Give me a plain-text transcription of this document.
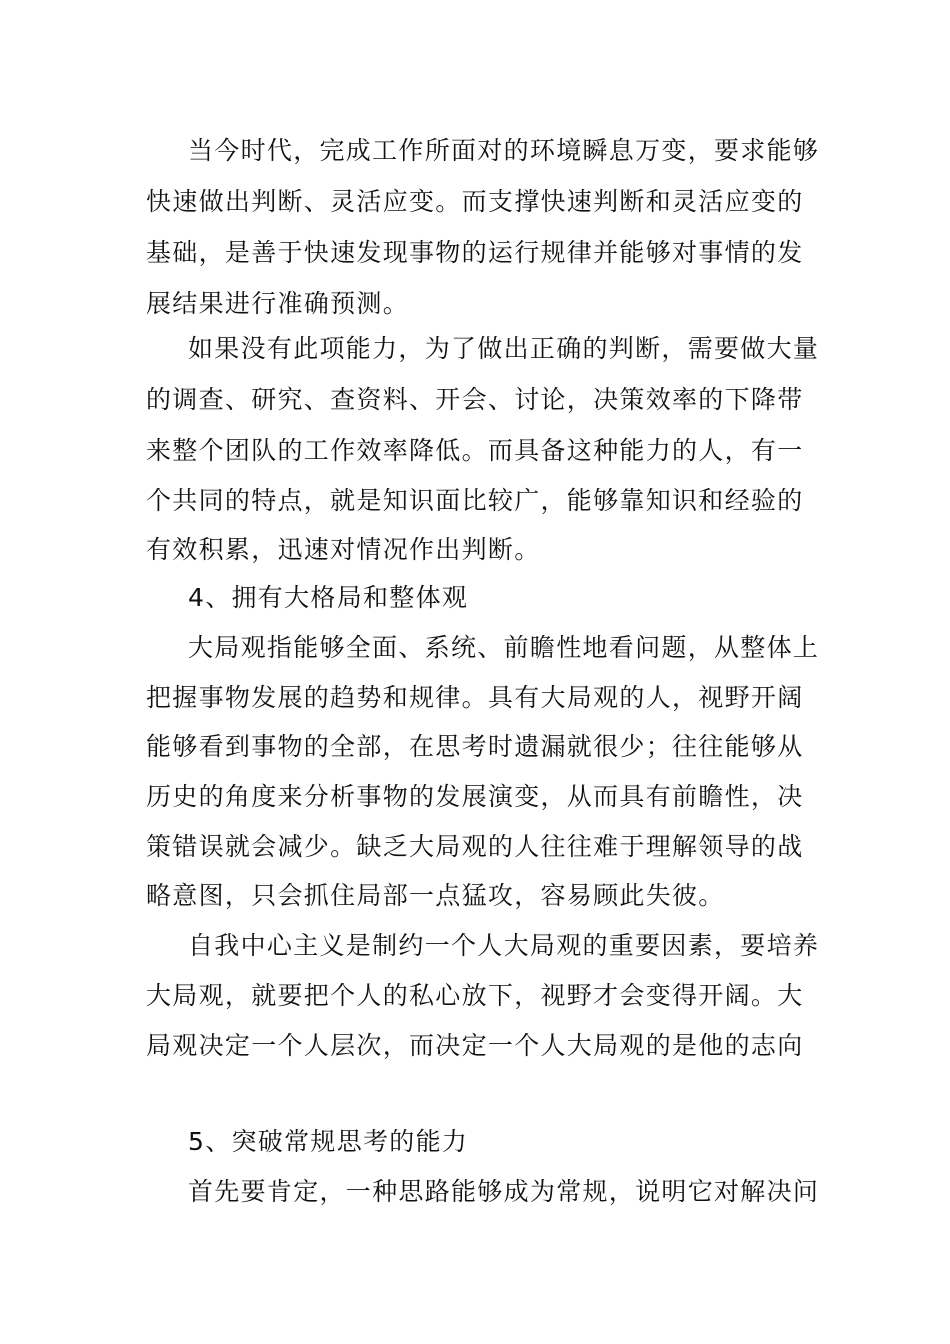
当今时代，完成工作所面对的环境瞬息万变，要求能够
快速做出判断、灵活应变。而支撑快速判断和灵活应变的
基础，是善于快速发现事物的运行规律并能够对事情的发
展结果进行准确预测。
如果没有此项能力，为了做出正确的判断，需要做大量
的调查、研究、查资料、开会、讨论，决策效率的下降带
来整个团队的工作效率降低。而具备这种能力的人，有一
个共同的特点，就是知识面比较广，能够靠知识和经验的
有效积累，迅速对情况作出判断。
4、拥有大格局和整体观
大局观指能够全面、系统、前瞻性地看问题，从整体上
把握事物发展的趋势和规律。具有大局观的人，视野开阔
能够看到事物的全部，在思考时遗漏就很少；往往能够从
历史的角度来分析事物的发展演变，从而具有前瞻性，决
策错误就会减少。缺乏大局观的人往往难于理解领导的战
略意图，只会抓住局部一点猛攻，容易顾此失彼。
自我中心主义是制约一个人大局观的重要因素，要培养
大局观，就要把个人的私心放下，视野才会变得开阔。大
局观决定一个人层次，而决定一个人大局观的是他的志向
5、突破常规思考的能力
首先要肯定，一种思路能够成为常规，说明它对解决问
